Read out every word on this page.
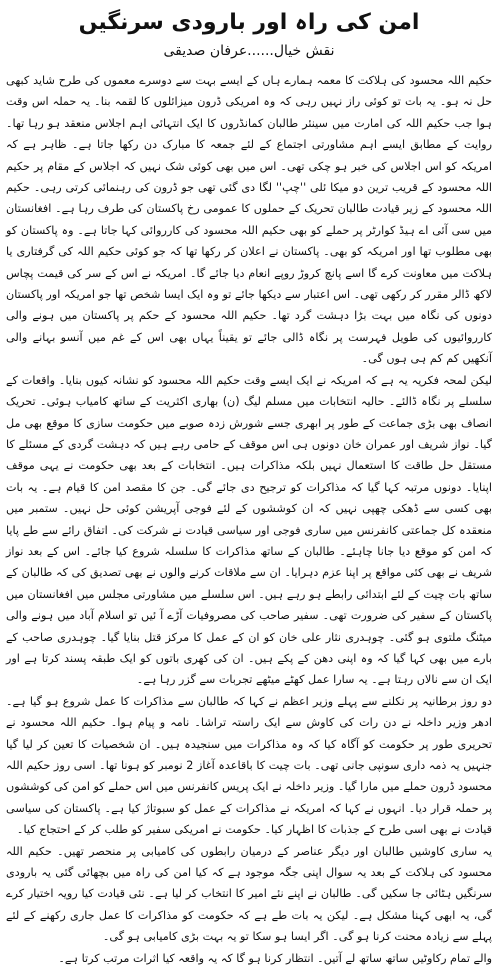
امن کی راہ اور بارودی سرنگیں
نقش خیال......عرفان صدیقی

حکیم اللہ محسود کی ہلاکت کا معمہ ہمارے ہاں کے ایسے بہت سے دوسرے معموں کی طرح شاید کبھی حل نہ ہو۔ یہ بات تو کوئی راز نہیں رہی کہ وہ امریکی ڈرون میزائلوں کا لقمہ بنا۔ یہ حملہ اس وقت ہوا جب حکیم اللہ کی امارت میں سینئر طالبان کمانڈروں کا ایک انتہائی اہم اجلاس منعقد ہو رہا تھا۔ روایت کے مطابق ایسے اہم مشاورتی اجتماع کے لئے جمعہ کا مبارک دن رکھا جاتا ہے۔ ظاہر ہے کہ امریکہ کو اس اجلاس کی خبر ہو چکی تھی۔ اس میں بھی کوئی شک نہیں کہ اجلاس کے مقام پر حکیم اللہ محسود کے قریب ترین دو میکا ئلی ''چپ'' لگا دی گئی تھی جو ڈرون کی رہنمائی کرتی رہی۔ حکیم اللہ محسود کے زیر قیادت طالبان تحریک کے حملوں کا عمومی رخ پاکستان کی طرف رہا ہے۔ افغانستان میں سی آئی اے ہیڈ کوارٹر پر حملے کو بھی حکیم اللہ محسود کی کارروائی کہا جاتا ہے۔ وہ پاکستان کو بھی مطلوب تھا اور امریکہ کو بھی۔ پاکستان نے اعلان کر رکھا تھا کہ جو کوئی حکیم اللہ کی گرفتاری یا ہلاکت میں معاونت کرے گا اسے پانچ کروڑ روپے انعام دیا جائے گا۔ امریکہ نے اس کے سر کی قیمت پچاس لاکھ ڈالر مقرر کر رکھی تھی۔ اس اعتبار سے دیکھا جائے تو وہ ایک ایسا شخص تھا جو امریکہ اور پاکستان دونوں کی نگاہ میں بہت بڑا دہشت گرد تھا۔ حکیم اللہ محسود کے حکم پر پاکستان میں ہونے والی کارروائیوں کی طویل فہرست پر نگاہ ڈالی جائے تو یقیناً یہاں بھی اس کے غم میں آنسو بہانے والی آنکھیں کم کم ہی ہوں گی۔

لیکن لمحہ فکریہ یہ ہے کہ امریکہ نے ایک ایسے وقت حکیم اللہ محسود کو نشانہ کیوں بنایا۔ واقعات کے سلسلے پر نگاہ ڈالئے۔ حالیہ انتخابات میں مسلم لیگ (ن) بھاری اکثریت کے ساتھ کامیاب ہوئی۔ تحریک انصاف بھی بڑی جماعت کے طور پر ابھری جسے شورش زدہ صوبے میں حکومت سازی کا موقع بھی مل گیا۔ نواز شریف اور عمران خان دونوں ہی اس موقف کے حامی رہے ہیں کہ دہشت گردی کے مسئلے کا مستقل حل طاقت کا استعمال نہیں بلکہ مذاکرات ہیں۔ انتخابات کے بعد بھی حکومت نے یہی موقف اپنایا۔ دونوں مرتبہ کہا گیا کہ مذاکرات کو ترجیح دی جائے گی۔ جن کا مقصد امن کا قیام ہے۔ یہ بات بھی کسی سے ڈھکی چھپی نہیں کہ ان کوششوں کے لئے فوجی آپریشن کوئی حل نہیں۔ ستمبر میں منعقدہ کل جماعتی کانفرنس میں ساری فوجی اور سیاسی قیادت نے شرکت کی۔ اتفاق رائے سے طے پایا کہ امن کو موقع دیا جانا چاہئے۔ طالبان کے ساتھ مذاکرات کا سلسلہ شروع کیا جائے۔ اس کے بعد نواز شریف نے بھی کئی مواقع پر اپنا عزم دہرایا۔ ان سے ملاقات کرنے والوں نے بھی تصدیق کی کہ طالبان کے ساتھ بات چیت کے لئے ابتدائی رابطے ہو رہے ہیں۔ اس سلسلے میں مشاورتی مجلس میں افغانستان میں پاکستان کے سفیر کی ضرورت تھی۔ سفیر صاحب کی مصروفیات آڑے آ ئیں تو اسلام آباد میں ہونے والی میٹنگ ملتوی ہو گئی۔ چوہدری نثار علی خان کو ان کے عمل کا مرکز قتل بنایا گیا۔ چوہدری صاحب کے بارے میں بھی کہا گیا کہ وہ اپنی دھن کے پکے ہیں۔ ان کی کھری باتوں کو ایک طبقہ پسند کرتا ہے اور ایک ان سے نالاں رہتا ہے۔ یہ سارا عمل کھٹے میٹھے تجربات سے گزر رہا ہے۔

دو روز برطانیہ پر نکلنے سے پہلے وزیر اعظم نے کہا کہ طالبان سے مذاکرات کا عمل شروع ہو گیا ہے۔ ادھر وزیر داخلہ نے دن رات کی کاوش سے ایک راستہ تراشا۔ نامہ و پیام ہوا۔ حکیم اللہ محسود نے تحریری طور پر حکومت کو آگاہ کیا کہ وہ مذاکرات میں سنجیدہ ہیں۔ ان شخصیات کا تعین کر لیا گیا جنہیں یہ ذمہ داری سونپی جانی تھی۔ بات چیت کا باقاعدہ آغاز 2 نومبر کو ہونا تھا۔ اسی روز حکیم اللہ محسود ڈرون حملے میں مارا گیا۔ وزیر داخلہ نے ایک پریس کانفرنس میں اس حملے کو امن کی کوششوں پر حملہ قرار دیا۔ انہوں نے کہا کہ امریکہ نے مذاکرات کے عمل کو سبوتاژ کیا ہے۔ پاکستان کی سیاسی قیادت نے بھی اسی طرح کے جذبات کا اظہار کیا۔ حکومت نے امریکی سفیر کو طلب کر کے احتجاج کیا۔

یہ ساری کاوشیں طالبان اور دیگر عناصر کے درمیان رابطوں کی کامیابی پر منحصر تھیں۔ حکیم اللہ محسود کی ہلاکت کے بعد یہ سوال اپنی جگہ موجود ہے کہ کیا امن کی راہ میں بچھائی گئی یہ بارودی سرنگیں ہٹائی جا سکیں گی۔ طالبان نے اپنے نئے امیر کا انتخاب کر لیا ہے۔ نئی قیادت کیا رویہ اختیار کرے گی، یہ ابھی کہنا مشکل ہے۔ لیکن یہ بات طے ہے کہ حکومت کو مذاکرات کا عمل جاری رکھنے کے لئے پہلے سے زیادہ محنت کرنا ہو گی۔ اگر ایسا ہو سکا تو یہ بہت بڑی کامیابی ہو گی۔

والے تمام رکاوٹیں ساتھ ساتھ لے آتیں۔ انتظار کرنا ہو گا کہ یہ واقعہ کیا اثرات مرتب کرتا ہے۔
